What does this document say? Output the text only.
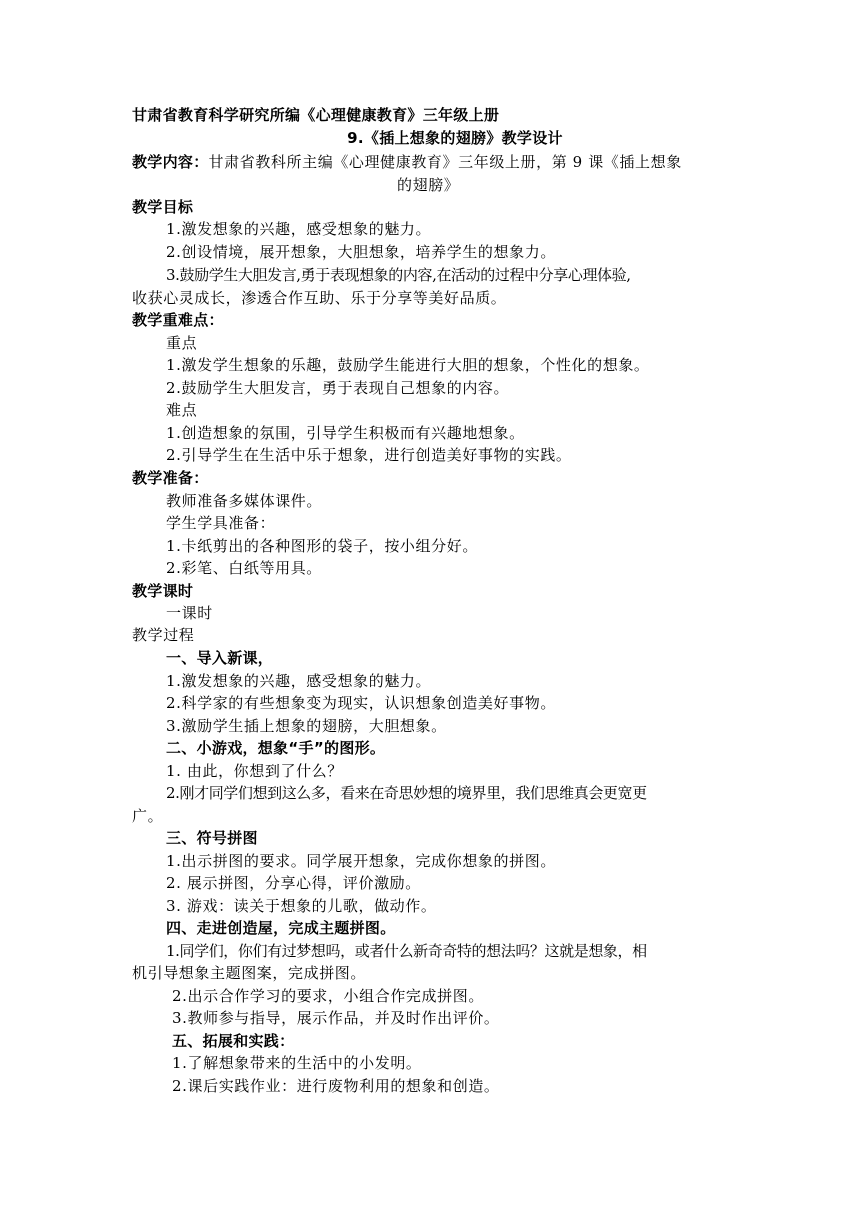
甘肃省教育科学研究所编《心理健康教育》三年级上册
9.《插上想象的翅膀》教学设计
教学内容：甘肃省教科所主编《心理健康教育》三年级上册，第 9 课《插上想象
的翅膀》
教学目标
1.激发想象的兴趣，感受想象的魅力。
2.创设情境，展开想象，大胆想象，培养学生的想象力。
3.鼓励学生大胆发言,勇于表现想象的内容,在活动的过程中分享心理体验,
收获心灵成长，渗透合作互助、乐于分享等美好品质。
教学重难点：
重点
1.激发学生想象的乐趣，鼓励学生能进行大胆的想象，个性化的想象。
2.鼓励学生大胆发言，勇于表现自己想象的内容。
难点
1.创造想象的氛围，引导学生积极而有兴趣地想象。
2.引导学生在生活中乐于想象，进行创造美好事物的实践。
教学准备：
教师准备多媒体课件。
学生学具准备：
1.卡纸剪出的各种图形的袋子，按小组分好。
2.彩笔、白纸等用具。
教学课时
一课时
教学过程
一、导入新课，
1.激发想象的兴趣，感受想象的魅力。
2.科学家的有些想象变为现实，认识想象创造美好事物。
3.激励学生插上想象的翅膀，大胆想象。
二、小游戏，想象“手”的图形。
1. 由此，你想到了什么？
2.刚才同学们想到这么多，看来在奇思妙想的境界里，我们思维真会更宽更
广。
三、符号拼图
1.出示拼图的要求。同学展开想象，完成你想象的拼图。
2. 展示拼图，分享心得，评价激励。
3. 游戏：读关于想象的儿歌，做动作。
四、走进创造屋，完成主题拼图。
1.同学们，你们有过梦想吗，或者什么新奇奇特的想法吗？这就是想象，相
机引导想象主题图案，完成拼图。
2.出示合作学习的要求，小组合作完成拼图。
3.教师参与指导，展示作品，并及时作出评价。
五、拓展和实践：
1.了解想象带来的生活中的小发明。
2.课后实践作业：进行废物利用的想象和创造。
